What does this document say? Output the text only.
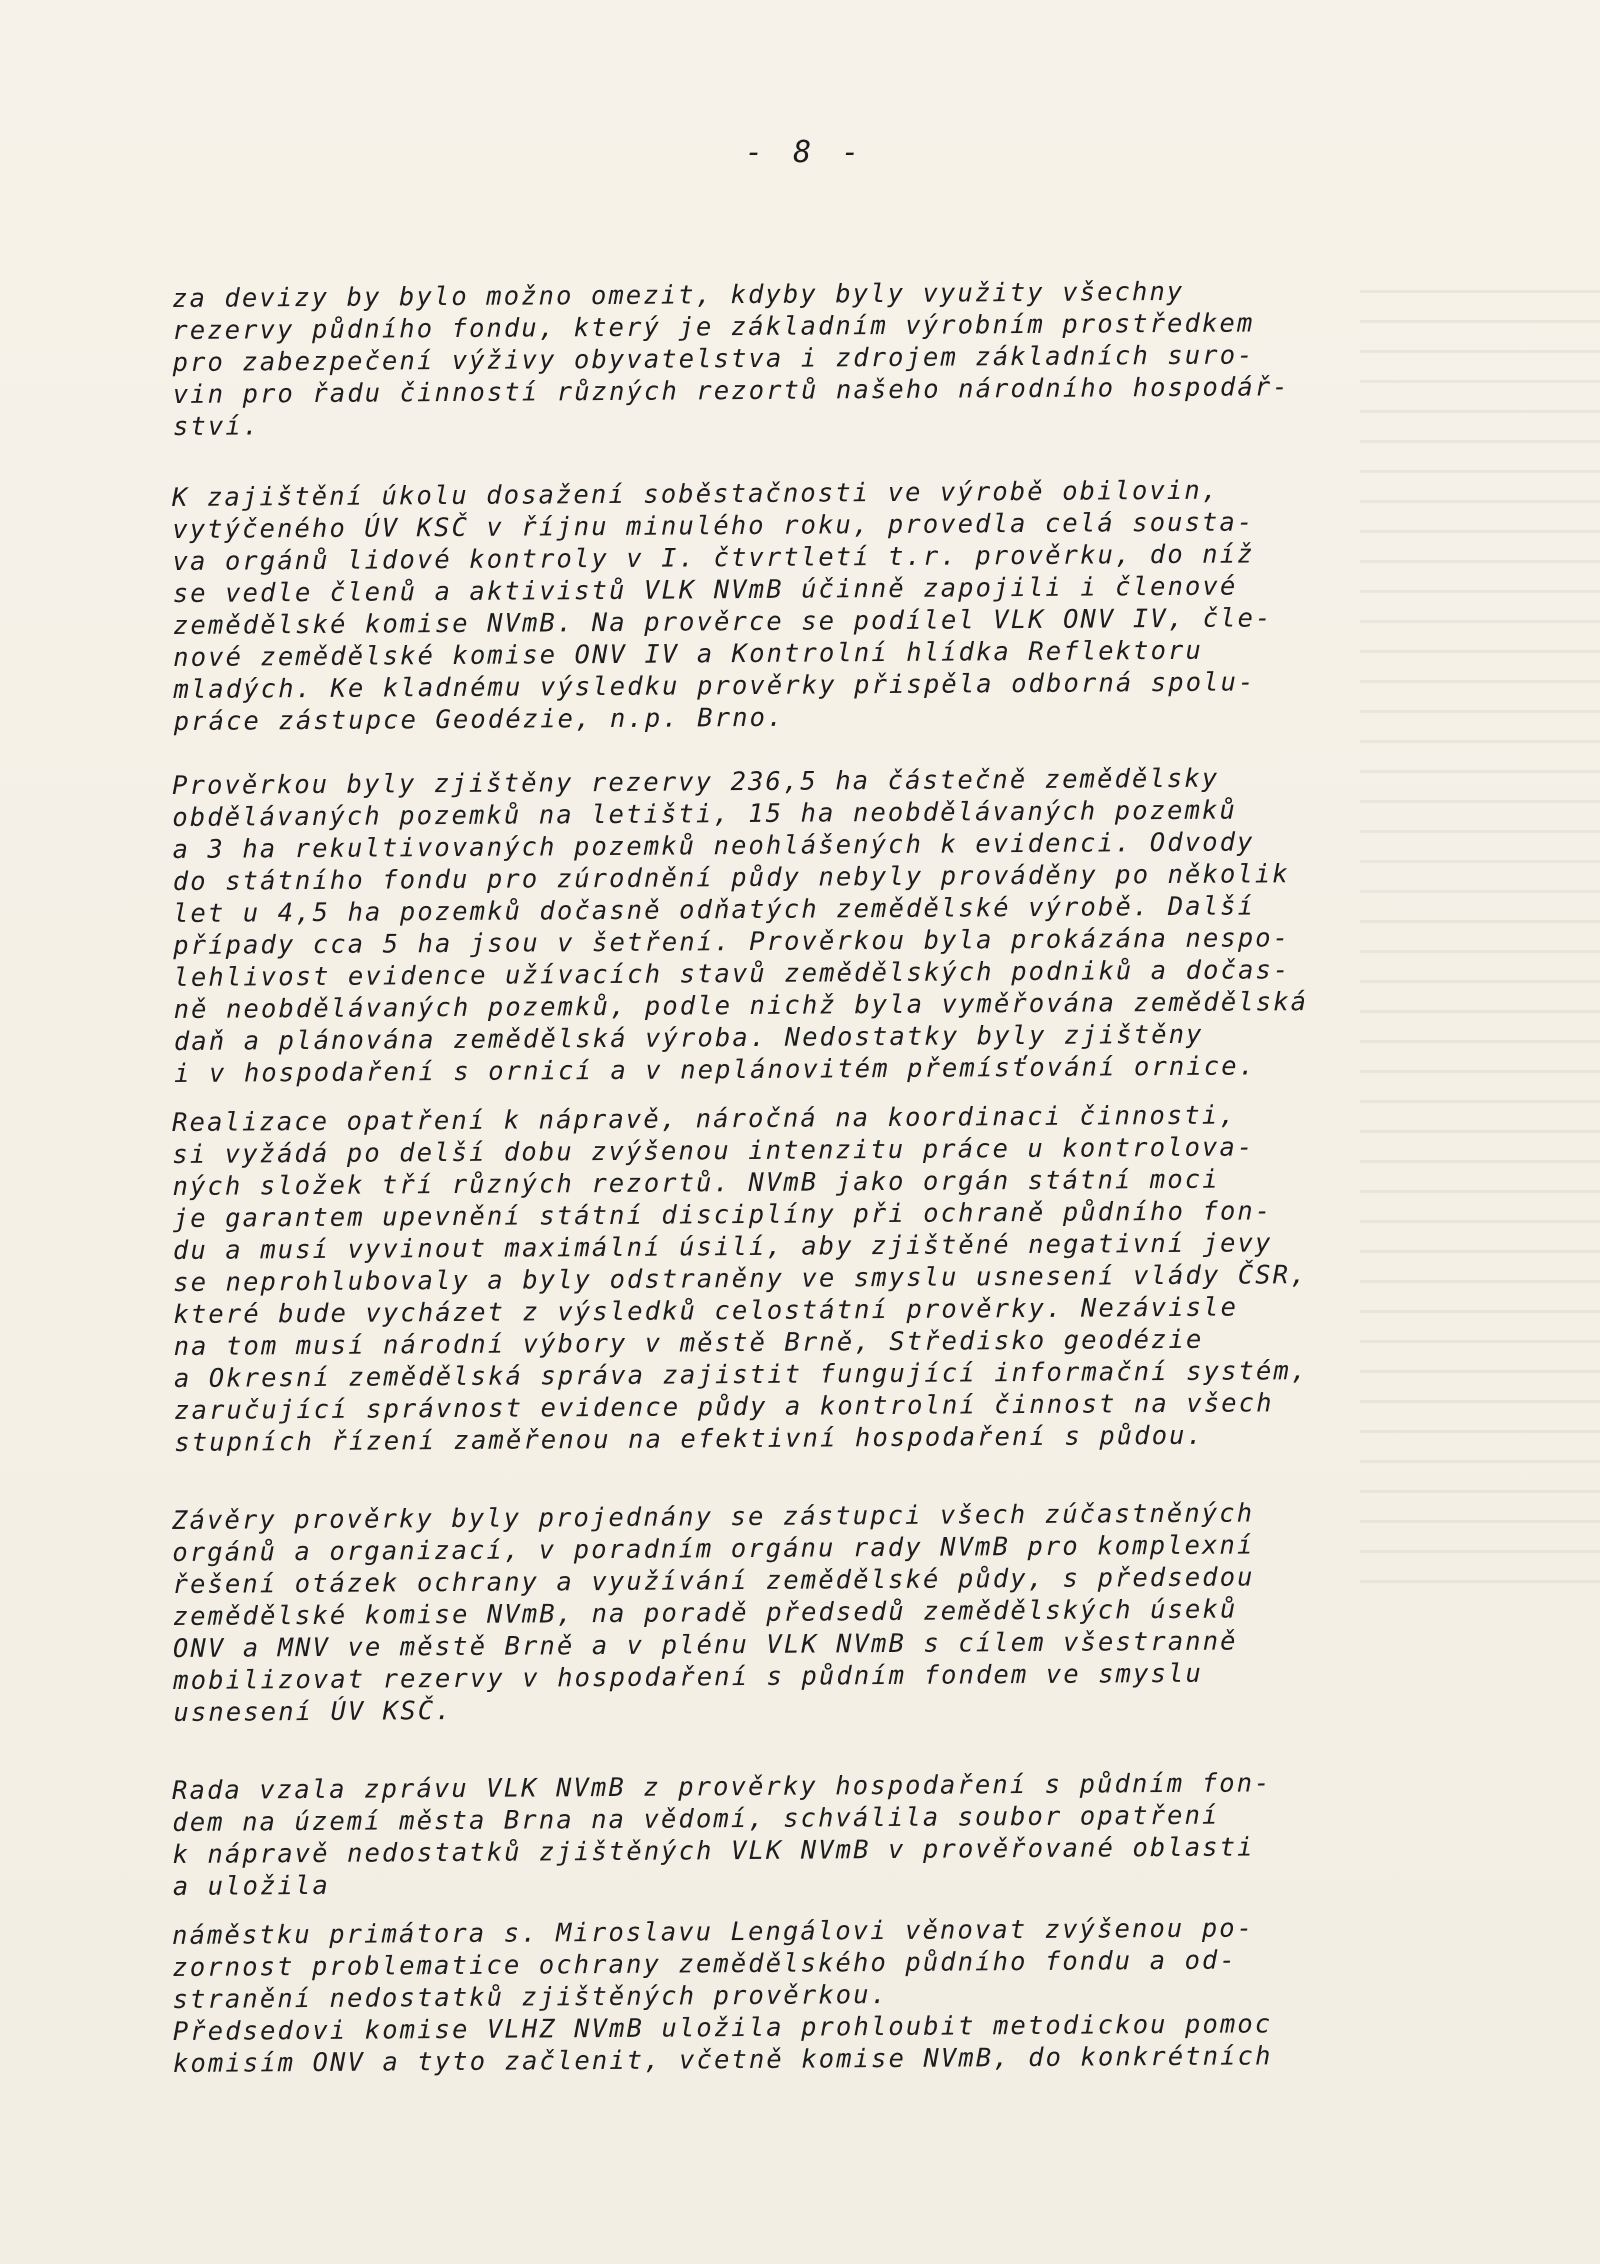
- 8 -
za devizy by bylo možno omezit, kdyby byly využity všechny
rezervy půdního fondu, který je základním výrobním prostředkem
pro zabezpečení výživy obyvatelstva i zdrojem základních suro-
vin pro řadu činností různých rezortů našeho národního hospodář-
ství.
K zajištění úkolu dosažení soběstačnosti ve výrobě obilovin,
vytýčeného ÚV KSČ v říjnu minulého roku, provedla celá sousta-
va orgánů lidové kontroly v I. čtvrtletí t.r. prověrku, do níž
se vedle členů a aktivistů VLK NVmB účinně zapojili i členové
zemědělské komise NVmB. Na prověrce se podílel VLK ONV IV, čle-
nové zemědělské komise ONV IV a Kontrolní hlídka Reflektoru
mladých. Ke kladnému výsledku prověrky přispěla odborná spolu-
práce zástupce Geodézie, n.p. Brno.
Prověrkou byly zjištěny rezervy 236,5 ha částečně zemědělsky
obdělávaných pozemků na letišti, 15 ha neobdělávaných pozemků
a 3 ha rekultivovaných pozemků neohlášených k evidenci. Odvody
do státního fondu pro zúrodnění půdy nebyly prováděny po několik
let u 4,5 ha pozemků dočasně odňatých zemědělské výrobě. Další
případy cca 5 ha jsou v šetření. Prověrkou byla prokázána nespo-
lehlivost evidence užívacích stavů zemědělských podniků a dočas-
ně neobdělávaných pozemků, podle nichž byla vyměřována zemědělská
daň a plánována zemědělská výroba. Nedostatky byly zjištěny
i v hospodaření s ornicí a v neplánovitém přemísťování ornice.
Realizace opatření k nápravě, náročná na koordinaci činnosti,
si vyžádá po delší dobu zvýšenou intenzitu práce u kontrolova-
ných složek tří různých rezortů. NVmB jako orgán státní moci
je garantem upevnění státní disciplíny při ochraně půdního fon-
du a musí vyvinout maximální úsilí, aby zjištěné negativní jevy
se neprohlubovaly a byly odstraněny ve smyslu usnesení vlády ČSR,
které bude vycházet z výsledků celostátní prověrky. Nezávisle
na tom musí národní výbory v městě Brně, Středisko geodézie
a Okresní zemědělská správa zajistit fungující informační systém,
zaručující správnost evidence půdy a kontrolní činnost na všech
stupních řízení zaměřenou na efektivní hospodaření s půdou.
Závěry prověrky byly projednány se zástupci všech zúčastněných
orgánů a organizací, v poradním orgánu rady NVmB pro komplexní
řešení otázek ochrany a využívání zemědělské půdy, s předsedou
zemědělské komise NVmB, na poradě předsedů zemědělských úseků
ONV a MNV ve městě Brně a v plénu VLK NVmB s cílem všestranně
mobilizovat rezervy v hospodaření s půdním fondem ve smyslu
usnesení ÚV KSČ.
Rada vzala zprávu VLK NVmB z prověrky hospodaření s půdním fon-
dem na území města Brna na vědomí, schválila soubor opatření
k nápravě nedostatků zjištěných VLK NVmB v prověřované oblasti
a uložila
náměstku primátora s. Miroslavu Lengálovi věnovat zvýšenou po-
zornost problematice ochrany zemědělského půdního fondu a od-
stranění nedostatků zjištěných prověrkou.
Předsedovi komise VLHZ NVmB uložila prohloubit metodickou pomoc
komisím ONV a tyto začlenit, včetně komise NVmB, do konkrétních
